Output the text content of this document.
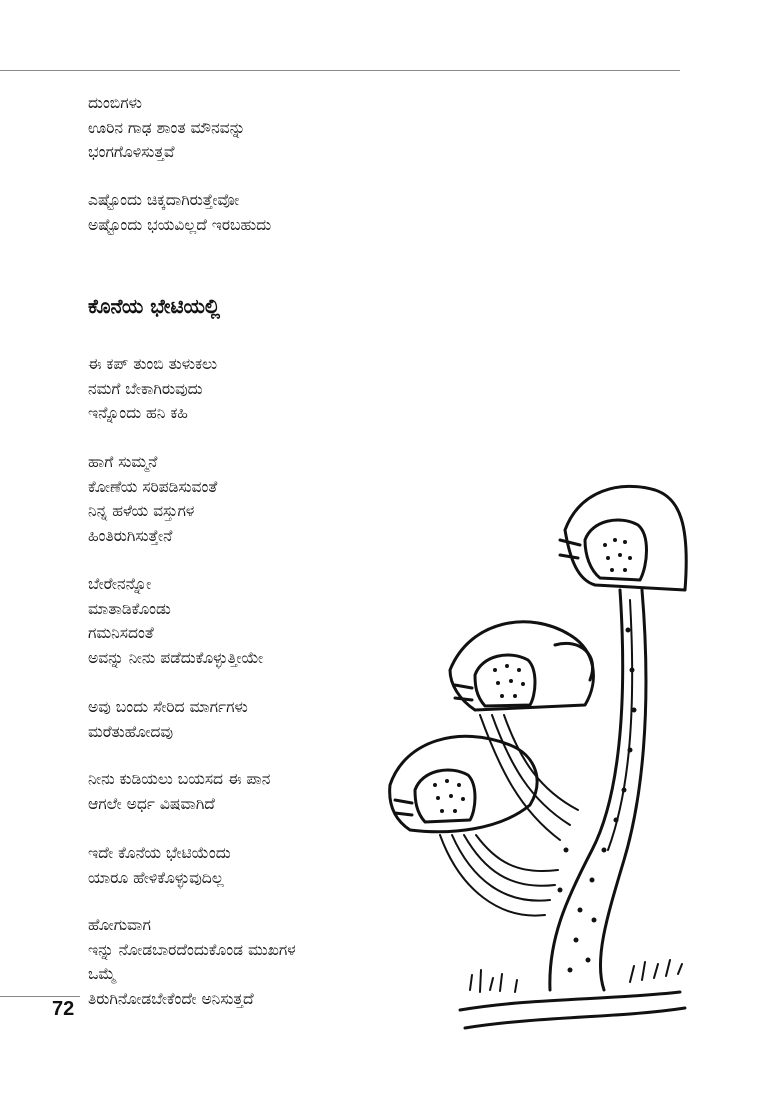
ದುಂಬಿಗಳು
ಊರಿನ ಗಾಢ ಶಾಂತ ಮೌನವನ್ನು
ಭಂಗಗೊಳಿಸುತ್ತವೆ
ಎಷ್ಟೊಂದು ಚಿಕ್ಕದಾಗಿರುತ್ತೇವೋ
ಅಷ್ಟೊಂದು ಭಯವಿಲ್ಲದೆ ಇರಬಹುದು
ಕೊನೆಯ ಭೇಟಿಯಲ್ಲಿ
ಈ ಕಪ್ ತುಂಬಿ ತುಳುಕಲು
ನಮಗೆ ಬೇಕಾಗಿರುವುದು
ಇನ್ನೊಂದು ಹನಿ ಕಹಿ
ಹಾಗೆ ಸುಮ್ಮನೆ
ಕೋಣೆಯ ಸರಿಪಡಿಸುವಂತೆ
ನಿನ್ನ ಹಳೆಯ ವಸ್ತುಗಳ
ಹಿಂತಿರುಗಿಸುತ್ತೇನೆ
ಬೇರೇನನ್ನೋ
ಮಾತಾಡಿಕೊಂಡು
ಗಮನಿಸದಂತೆ
ಅವನ್ನು ನೀನು ಪಡೆದುಕೊಳ್ಳುತ್ತೀಯೇ
ಅವು ಬಂದು ಸೇರಿದ ಮಾರ್ಗಗಳು
ಮರೆತುಹೋದವು
ನೀನು ಕುಡಿಯಲು ಬಯಸದ ಈ ಪಾನ
ಆಗಲೇ ಅರ್ಧ ವಿಷವಾಗಿದೆ
ಇದೇ ಕೊನೆಯ ಭೇಟಿಯೆಂದು
ಯಾರೂ ಹೇಳಿಕೊಳ್ಳುವುದಿಲ್ಲ
ಹೋಗುವಾಗ
ಇನ್ನು ನೋಡಬಾರದೆಂದುಕೊಂಡ ಮುಖಗಳ
ಒಮ್ಮೆ
ತಿರುಗಿನೋಡಬೇಕೆಂದೇ ಅನಿಸುತ್ತದೆ
72
